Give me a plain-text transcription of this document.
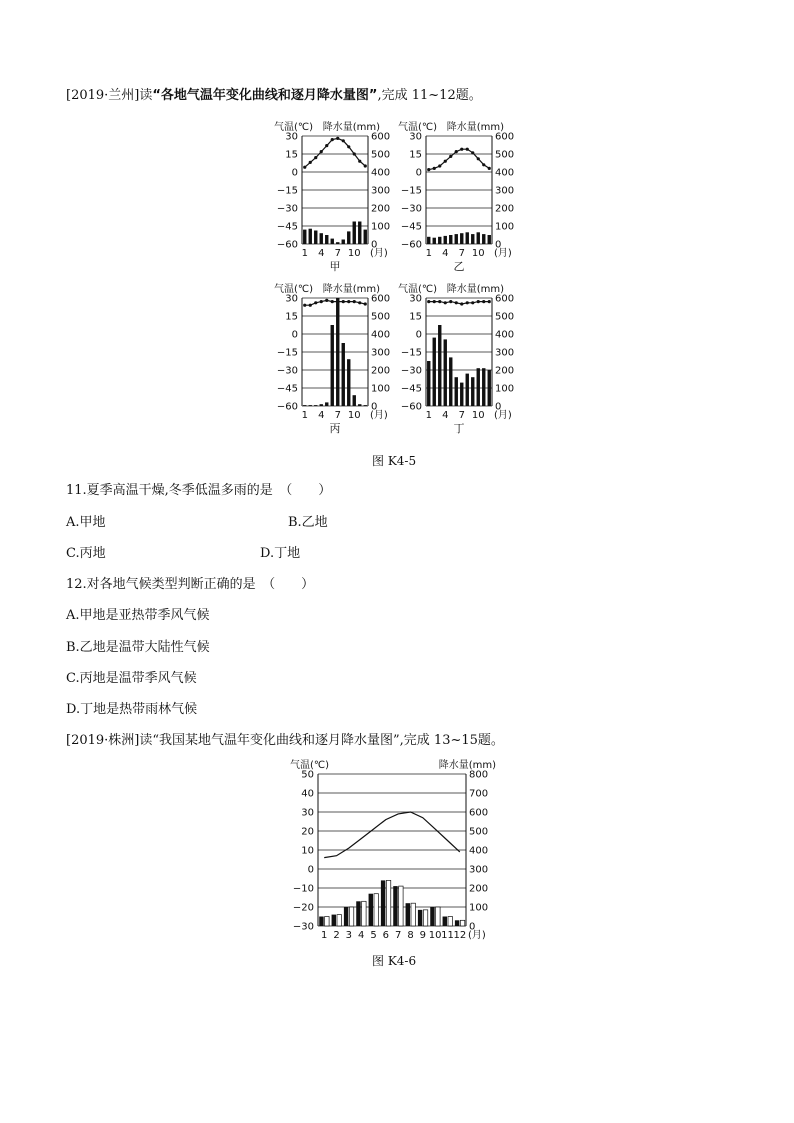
[2019·兰州]读“各地气温年变化曲线和逐月降水量图”,完成 11~12题。
30	600
15	500
0	400
−15	300
−30	200
−45	100
−60	0
气温(℃) 降水量(mm)
1 4 7 10 (月)
甲
30	600
15	500
0	400
−15	300
−30	200
−45	100
−60	0
气温(℃) 降水量(mm)
1 4 7 10 (月)
乙
30	600
15	500
0	400
−15	300
−30	200
−45	100
−60	0
气温(℃) 降水量(mm)
1 4 7 10 (月)
丙
30	600
15	500
0	400
−15	300
−30	200
−45	100
−60	0
气温(℃) 降水量(mm)
1 4 7 10 (月)
丁
图 K4-5
11.夏季高温干燥,冬季低温多雨的是　（　　）
A.甲地	B.乙地
C.丙地	D.丁地
12.对各地气候类型判断正确的是　（　　）
A.甲地是亚热带季风气候
B.乙地是温带大陆性气候
C.丙地是温带季风气候
D.丁地是热带雨林气候
[2019·株洲]读“我国某地气温年变化曲线和逐月降水量图”,完成 13~15题。
50	800
40	700
30	600
20	500
10	400
0	300
−10	200
−20	100
−30	0
气温(℃)	降水量(mm)
1 2 3 4 5 6 7 8 9 10 11 12 (月)
图 K4-6
